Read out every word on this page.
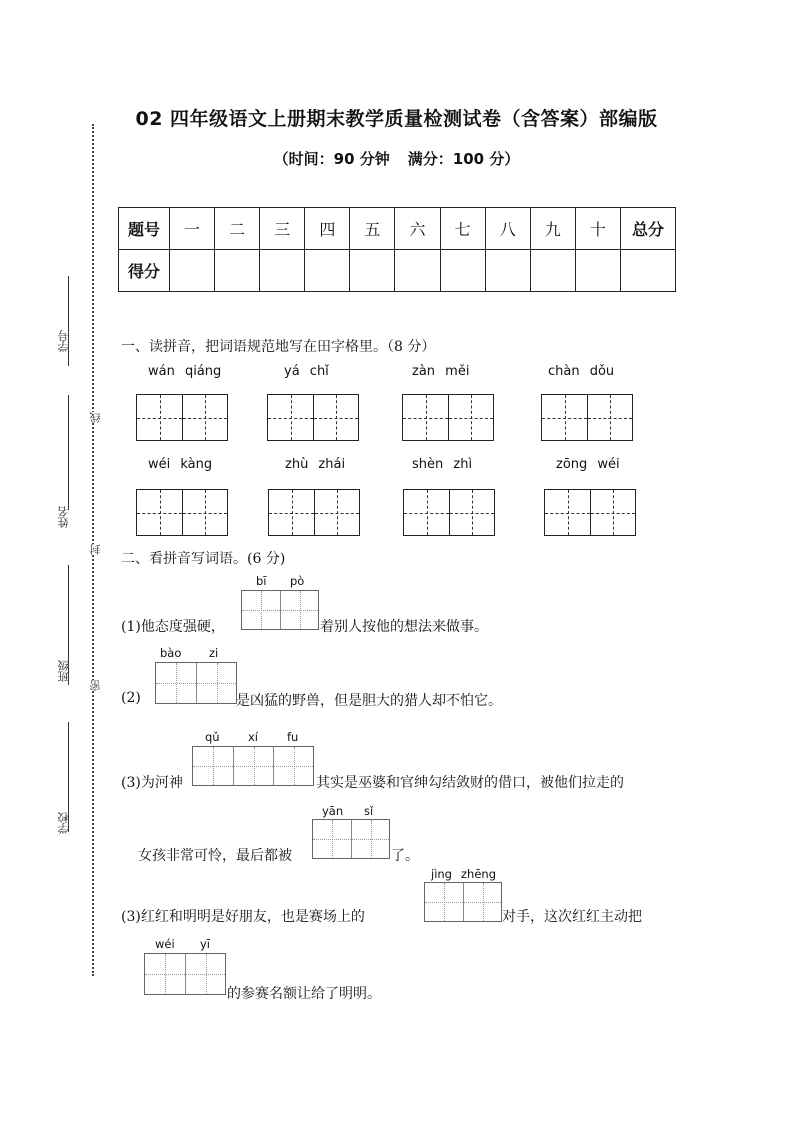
02 四年级语文上册期末教学质量检测试卷（含答案）部编版
（时间：90 分钟 满分：100 分）
学号
姓名
班级
学校
线
封
密
题号	一	二	三	四	五	六	七	八	九	十	总分
得分											
一、读拼音，把词语规范地写在田字格里。（8 分）
wán qiáng	yá chǐ	zàn měi	chàn dǒu
wéi kàng	zhù zhái	shèn zhì	zōng wéi
二、看拼音写词语。(6 分)
bī pò
(1)他态度强硬，	着别人按他的想法来做事。
bào zi
(2)	是凶猛的野兽，但是胆大的猎人却不怕它。
qǔ xí	fu
(3)为河神	其实是巫婆和官绅勾结敛财的借口，被他们拉走的
yān sǐ
女孩非常可怜，最后都被	了。
jìng zhēng
(3)红红和明明是好朋友，也是赛场上的	对手，这次红红主动把
wéi yī
的参赛名额让给了明明。
